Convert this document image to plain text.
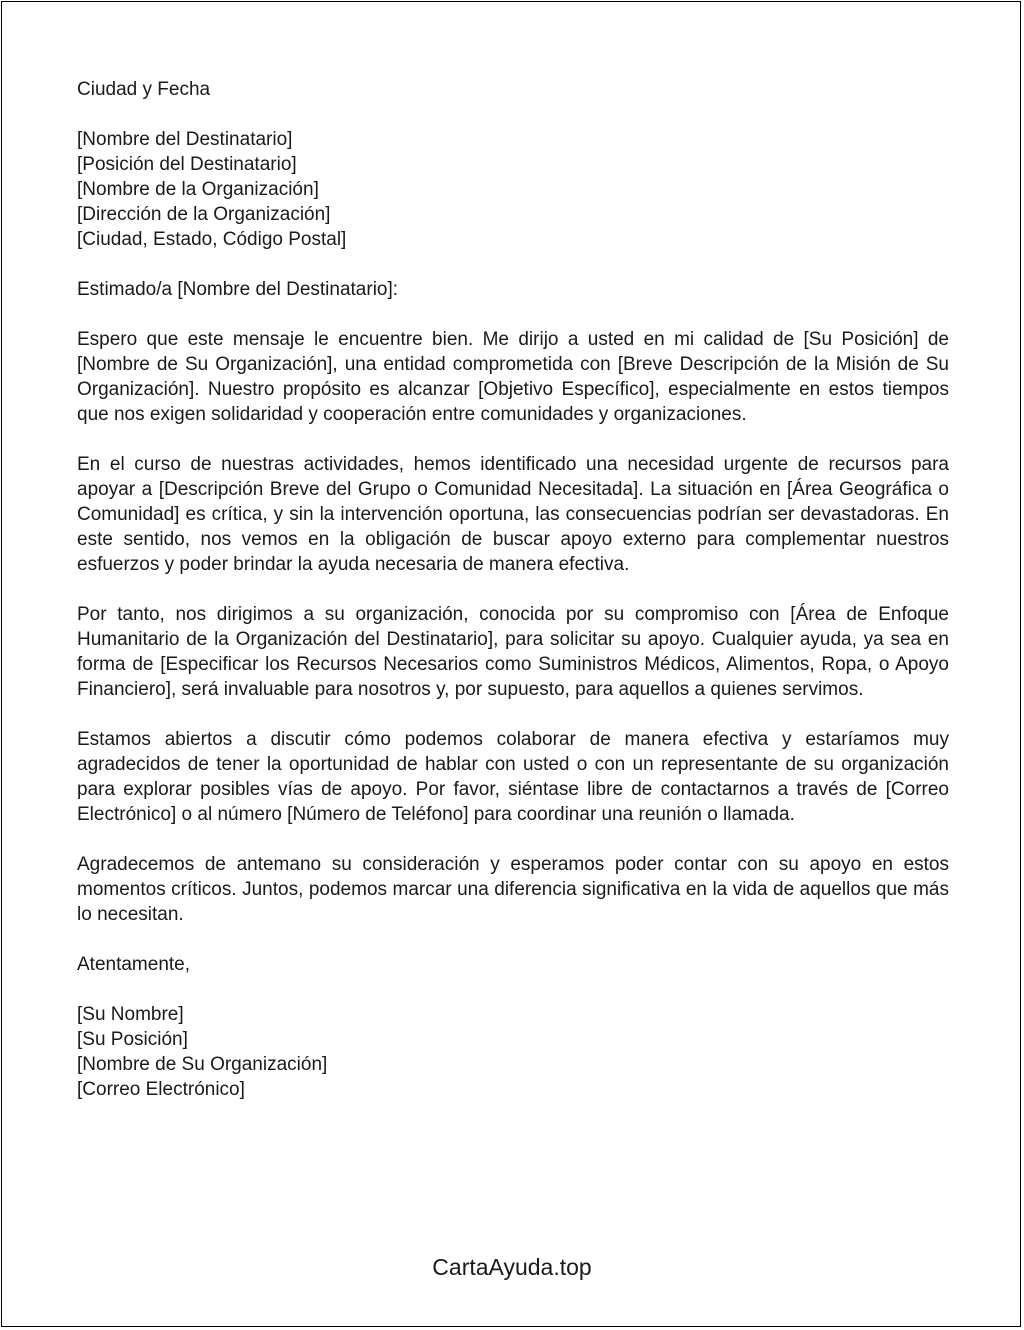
Ciudad y Fecha
[Nombre del Destinatario]
[Posición del Destinatario]
[Nombre de la Organización]
[Dirección de la Organización]
[Ciudad, Estado, Código Postal]
Estimado/a [Nombre del Destinatario]:

Espero que este mensaje le encuentre bien. Me dirijo a usted en mi calidad de [Su Posición] de [Nombre de Su Organización], una entidad comprometida con [Breve Descripción de la Misión de Su Organización]. Nuestro propósito es alcanzar [Objetivo Específico], especialmente en estos tiempos que nos exigen solidaridad y cooperación entre comunidades y organizaciones.

En el curso de nuestras actividades, hemos identificado una necesidad urgente de recursos para apoyar a [Descripción Breve del Grupo o Comunidad Necesitada]. La situación en [Área Geográfica o Comunidad] es crítica, y sin la intervención oportuna, las consecuencias podrían ser devastadoras. En este sentido, nos vemos en la obligación de buscar apoyo externo para complementar nuestros esfuerzos y poder brindar la ayuda necesaria de manera efectiva.

Por tanto, nos dirigimos a su organización, conocida por su compromiso con [Área de Enfoque Humanitario de la Organización del Destinatario], para solicitar su apoyo. Cualquier ayuda, ya sea en forma de [Especificar los Recursos Necesarios como Suministros Médicos, Alimentos, Ropa, o Apoyo Financiero], será invaluable para nosotros y, por supuesto, para aquellos a quienes servimos.

Estamos abiertos a discutir cómo podemos colaborar de manera efectiva y estaríamos muy agradecidos de tener la oportunidad de hablar con usted o con un representante de su organización para explorar posibles vías de apoyo. Por favor, siéntase libre de contactarnos a través de [Correo Electrónico] o al número [Número de Teléfono] para coordinar una reunión o llamada.

Agradecemos de antemano su consideración y esperamos poder contar con su apoyo en estos momentos críticos. Juntos, podemos marcar una diferencia significativa en la vida de aquellos que más lo necesitan.

Atentamente,
[Su Nombre]
[Su Posición]
[Nombre de Su Organización]
[Correo Electrónico]
CartaAyuda.top
